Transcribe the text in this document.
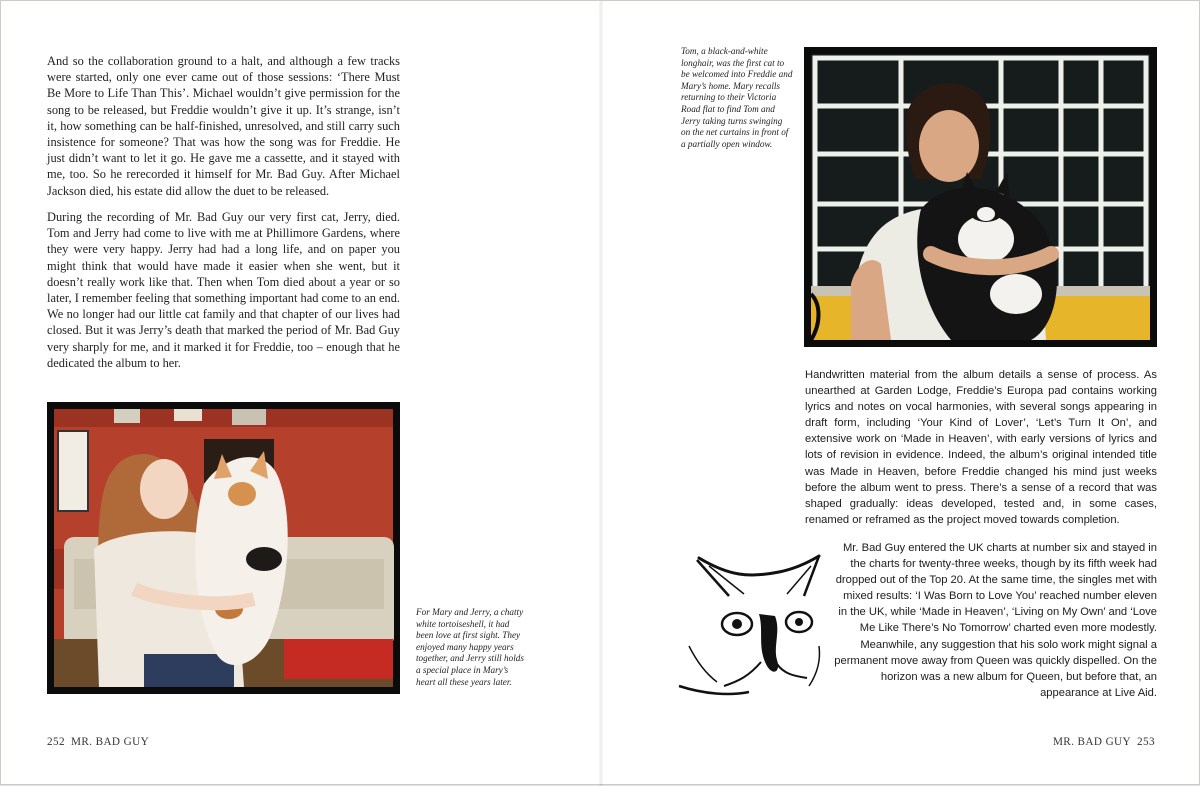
And so the collaboration ground to a halt, and although a few tracks were started, only one ever came out of those sessions: ‘There Must Be More to Life Than This’. Michael wouldn’t give permission for the song to be released, but Freddie wouldn’t give it up. It’s strange, isn’t it, how something can be half-finished, unresolved, and still carry such insistence for someone? That was how the song was for Freddie. He just didn’t want to let it go. He gave me a cassette, and it stayed with me, too. So he rerecorded it himself for Mr. Bad Guy. After Michael Jackson died, his estate did allow the duet to be released.

During the recording of Mr. Bad Guy our very first cat, Jerry, died. Tom and Jerry had come to live with me at Phillimore Gardens, where they were very happy. Jerry had had a long life, and on paper you might think that would have made it easier when she went, but it doesn’t really work like that. Then when Tom died about a year or so later, I remember feeling that something important had come to an end. We no longer had our little cat family and that chapter of our lives had closed. But it was Jerry’s death that marked the period of Mr. Bad Guy very sharply for me, and it marked it for Freddie, too – enough that he dedicated the album to her.

For Mary and Jerry, a chatty white tortoiseshell, it had been love at first sight. They enjoyed many happy years together, and Jerry still holds a special place in Mary’s heart all these years later.

252 MR. BAD GUY

Tom, a black-and-white longhair, was the first cat to be welcomed into Freddie and Mary’s home. Mary recalls returning to their Victoria Road flat to find Tom and Jerry taking turns swinging on the net curtains in front of a partially open window.

Handwritten material from the album details a sense of process. As unearthed at Garden Lodge, Freddie’s Europa pad contains working lyrics and notes on vocal harmonies, with several songs appearing in draft form, including ‘Your Kind of Lover’, ‘Let’s Turn It On’, and extensive work on ‘Made in Heaven’, with early versions of lyrics and lots of revision in evidence. Indeed, the album’s original intended title was Made in Heaven, before Freddie changed his mind just weeks before the album went to press. There’s a sense of a record that was shaped gradually: ideas developed, tested and, in some cases, renamed or reframed as the project moved towards completion.

Mr. Bad Guy entered the UK charts at number six and stayed in the charts for twenty-three weeks, though by its fifth week had dropped out of the Top 20. At the same time, the singles met with mixed results: ‘I Was Born to Love You’ reached number eleven in the UK, while ‘Made in Heaven’, ‘Living on My Own’ and ‘Love Me Like There’s No Tomorrow’ charted even more modestly. Meanwhile, any suggestion that his solo work might signal a permanent move away from Queen was quickly dispelled. On the horizon was a new album for Queen, but before that, an appearance at Live Aid.

MR. BAD GUY 253
